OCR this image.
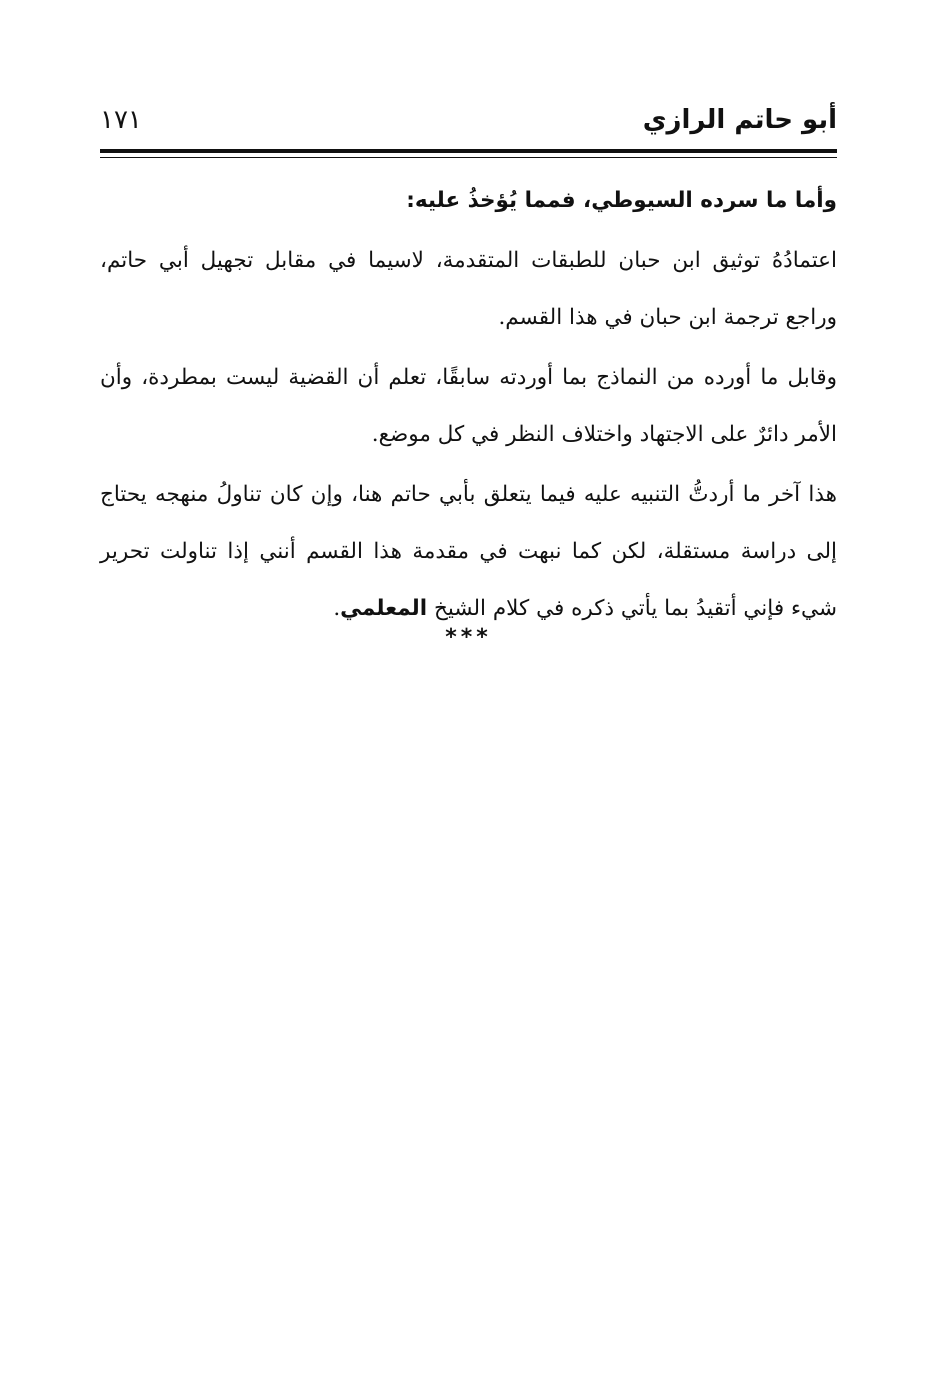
أبو حاتم الرازي
١٧١

وأما ما سرده السيوطي، فمما يُؤخذُ عليه:

اعتمادُهُ توثيق ابن حبان للطبقات المتقدمة، لاسيما في مقابل تجهيل أبي حاتم، وراجع ترجمة ابن حبان في هذا القسم.

وقابل ما أورده من النماذج بما أوردته سابقًا، تعلم أن القضية ليست بمطردة، وأن الأمر دائرٌ على الاجتهاد واختلاف النظر في كل موضع.

هذا آخر ما أردتُّ التنبيه عليه فيما يتعلق بأبي حاتم هنا، وإن كان تناولُ منهجه يحتاج إلى دراسة مستقلة، لكن كما نبهت في مقدمة هذا القسم أنني إذا تناولت تحرير شيء فإني أتقيدُ بما يأتي ذكره في كلام الشيخ المعلمي.

***
